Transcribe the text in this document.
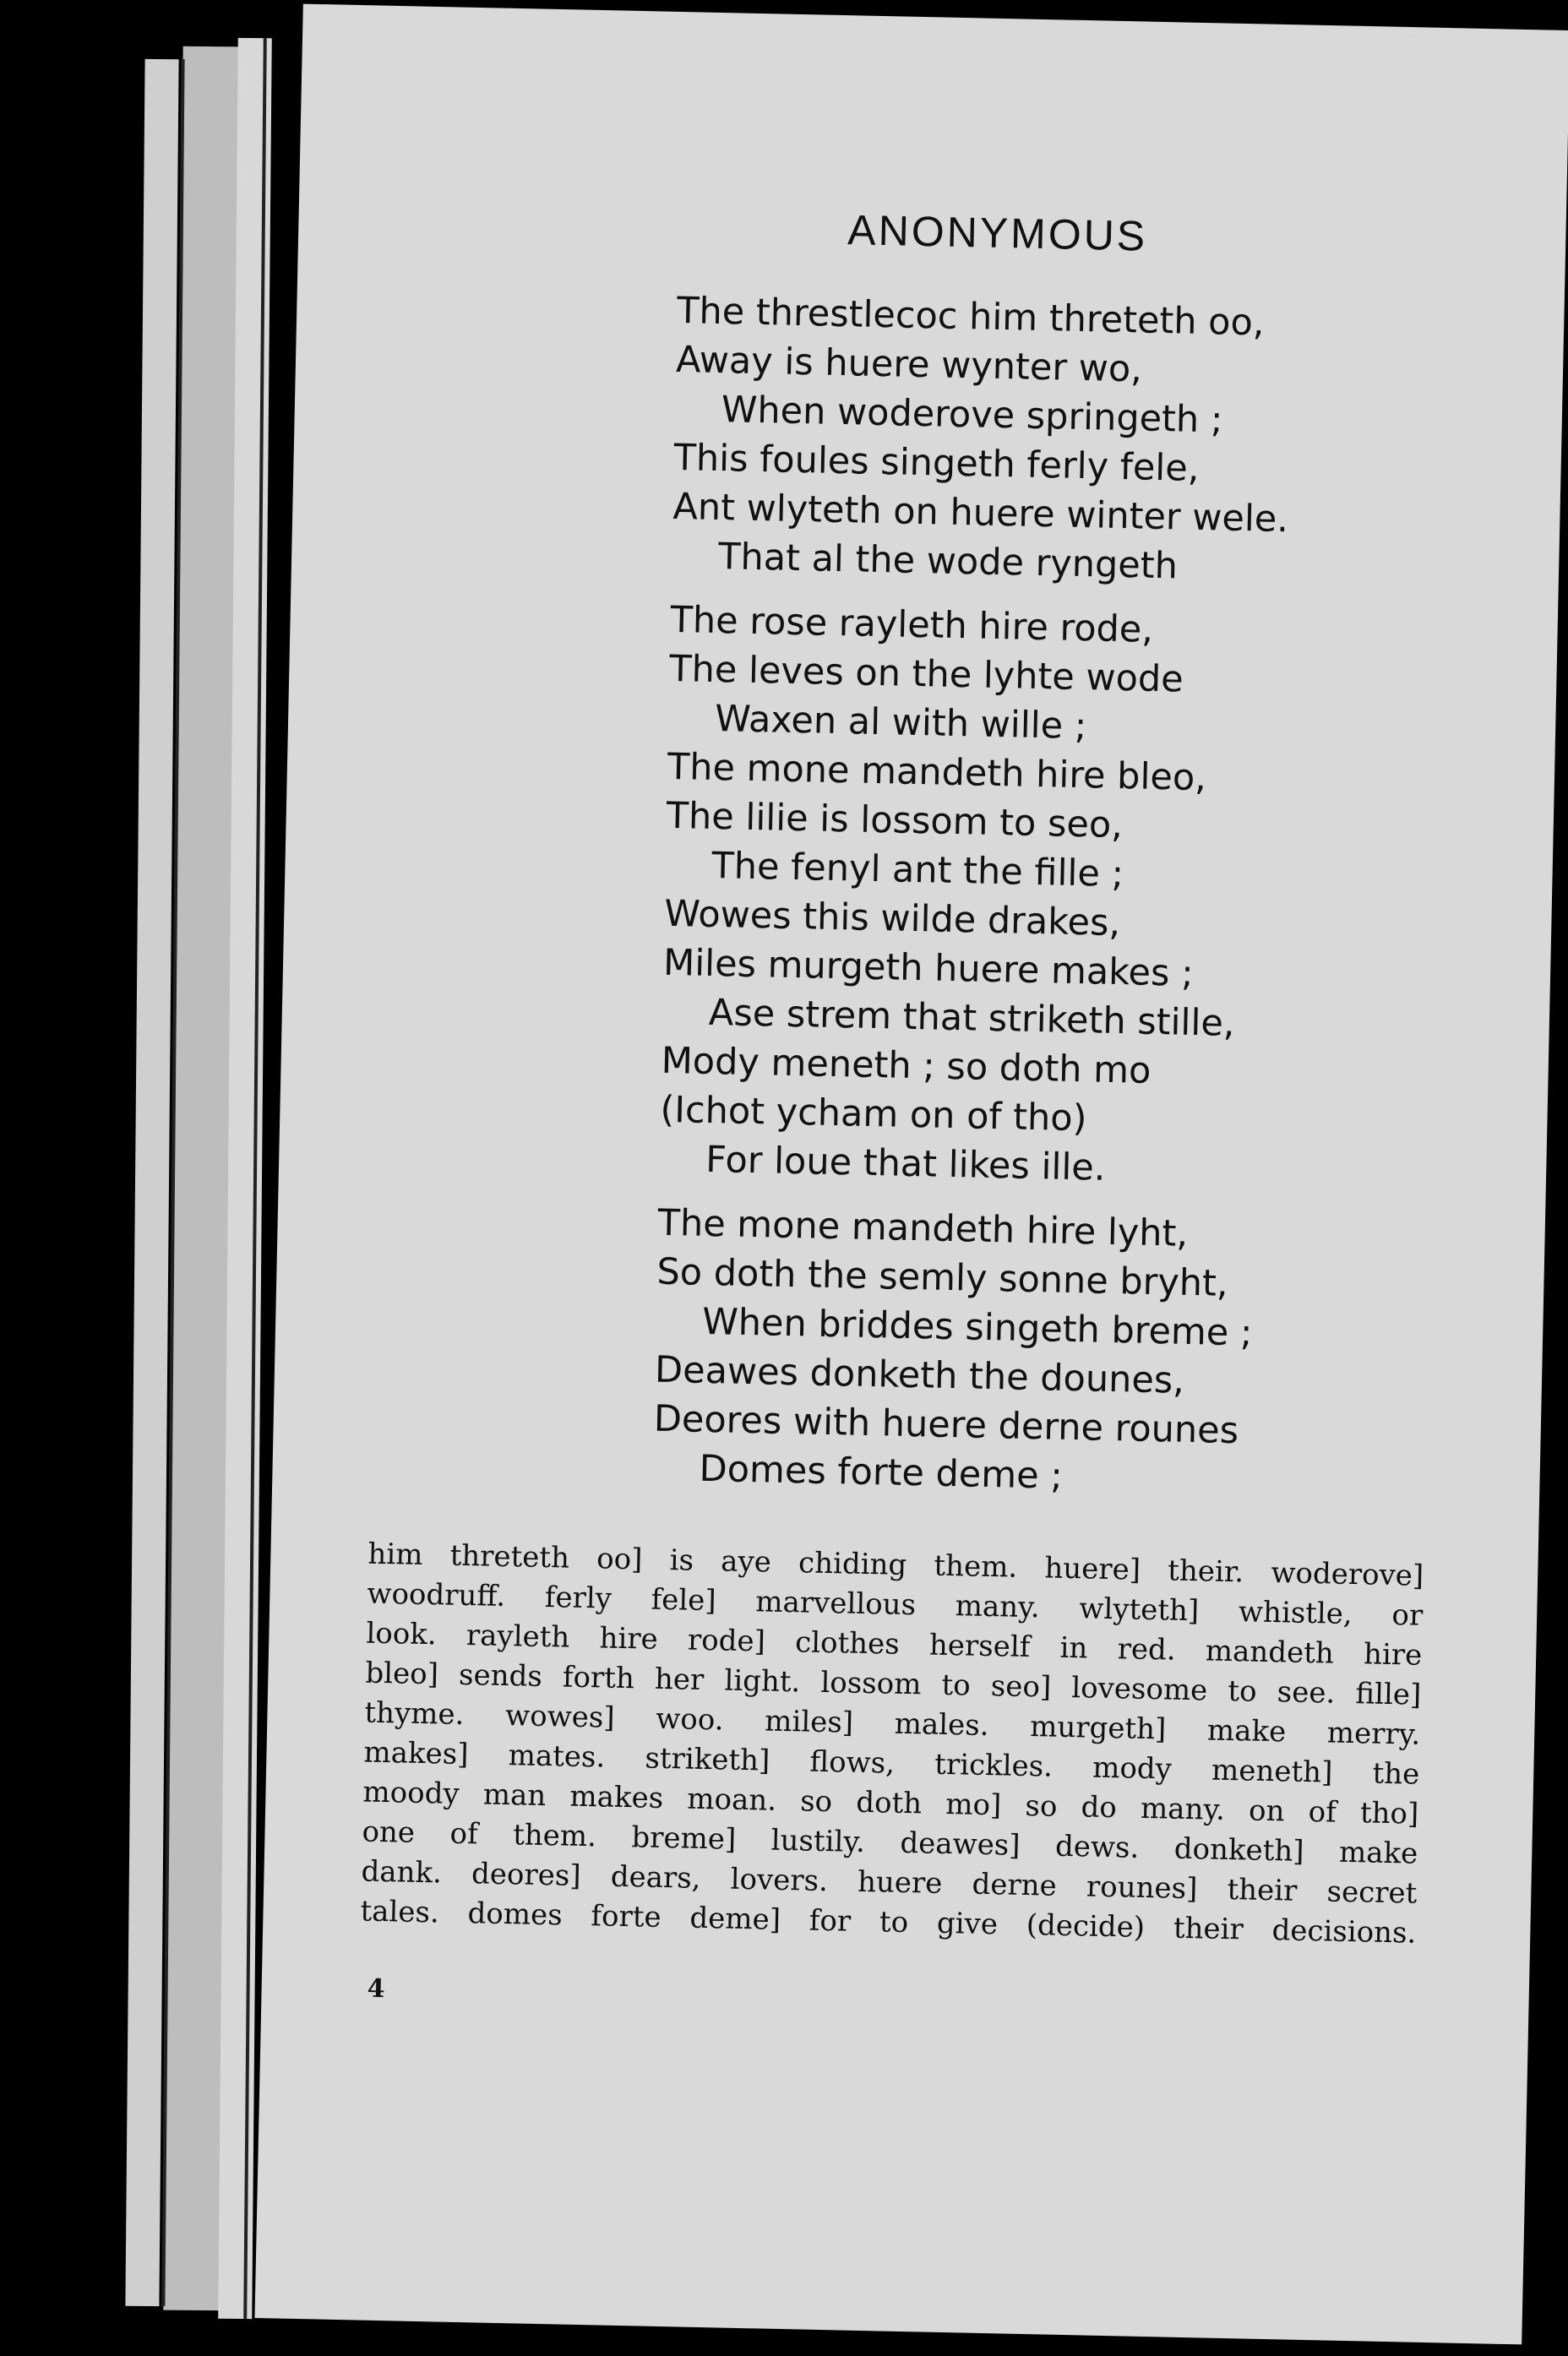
ANONYMOUS
The threstlecoc him threteth oo,
Away is huere wynter wo,
When woderove springeth ;
This foules singeth ferly fele,
Ant wlyteth on huere winter wele.
That al the wode ryngeth
The rose rayleth hire rode,
The leves on the lyhte wode
Waxen al with wille ;
The mone mandeth hire bleo,
The lilie is lossom to seo,
The fenyl ant the fille ;
Wowes this wilde drakes,
Miles murgeth huere makes ;
Ase strem that striketh stille,
Mody meneth ; so doth mo
(Ichot ycham on of tho)
For loue that likes ille.
The mone mandeth hire lyht,
So doth the semly sonne bryht,
When briddes singeth breme ;
Deawes donketh the dounes,
Deores with huere derne rounes
Domes forte deme ;
him threteth oo] is aye chiding them. huere] their. woderove]
woodruff. ferly fele] marvellous many. wlyteth] whistle, or
look. rayleth hire rode] clothes herself in red. mandeth hire
bleo] sends forth her light. lossom to seo] lovesome to see. fille]
thyme. wowes] woo. miles] males. murgeth] make merry.
makes] mates. striketh] flows, trickles. mody meneth] the
moody man makes moan. so doth mo] so do many. on of tho]
one of them. breme] lustily. deawes] dews. donketh] make
dank. deores] dears, lovers. huere derne rounes] their secret
tales. domes forte deme] for to give (decide) their decisions.
4
